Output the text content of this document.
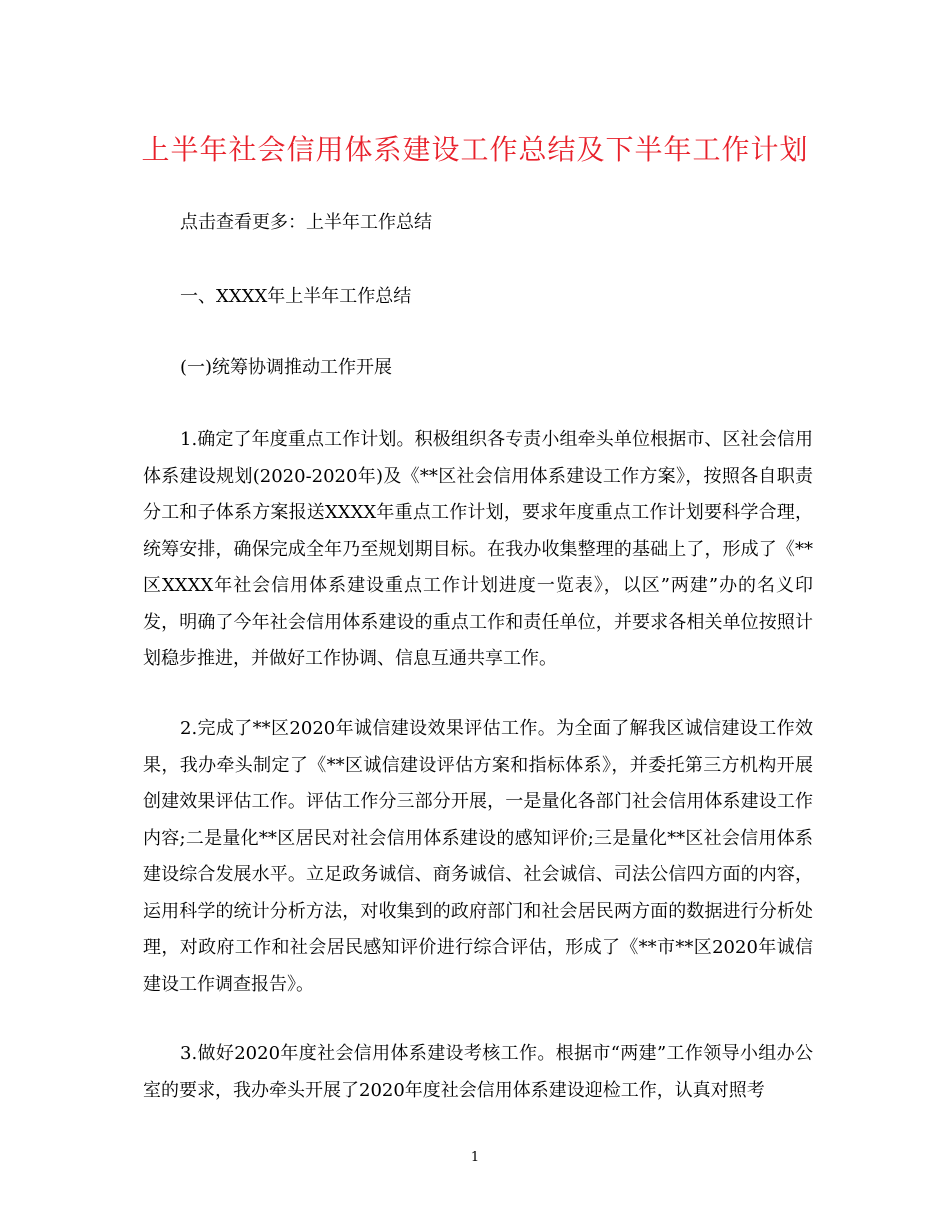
上半年社会信用体系建设工作总结及下半年工作计划
点击查看更多：上半年工作总结
一、XXXX年上半年工作总结
(一)统筹协调推动工作开展

1.确定了年度重点工作计划。积极组织各专责小组牵头单位根据市、区社会信用体系建设规划(2020-2020年)及《**区社会信用体系建设工作方案》，按照各自职责分工和子体系方案报送XXXX年重点工作计划，要求年度重点工作计划要科学合理，统筹安排，确保完成全年乃至规划期目标。在我办收集整理的基础上了，形成了《**区XXXX年社会信用体系建设重点工作计划进度一览表》，以区”两建”办的名义印发，明确了今年社会信用体系建设的重点工作和责任单位，并要求各相关单位按照计划稳步推进，并做好工作协调、信息互通共享工作。

2.完成了**区2020年诚信建设效果评估工作。为全面了解我区诚信建设工作效果，我办牵头制定了《**区诚信建设评估方案和指标体系》，并委托第三方机构开展创建效果评估工作。评估工作分三部分开展，一是量化各部门社会信用体系建设工作内容;二是量化**区居民对社会信用体系建设的感知评价;三是量化**区社会信用体系建设综合发展水平。立足政务诚信、商务诚信、社会诚信、司法公信四方面的内容，运用科学的统计分析方法，对收集到的政府部门和社会居民两方面的数据进行分析处理，对政府工作和社会居民感知评价进行综合评估，形成了《**市**区2020年诚信建设工作调查报告》。

3.做好2020年度社会信用体系建设考核工作。根据市“两建”工作领导小组办公室的要求，我办牵头开展了2020年度社会信用体系建设迎检工作，认真对照考

1
